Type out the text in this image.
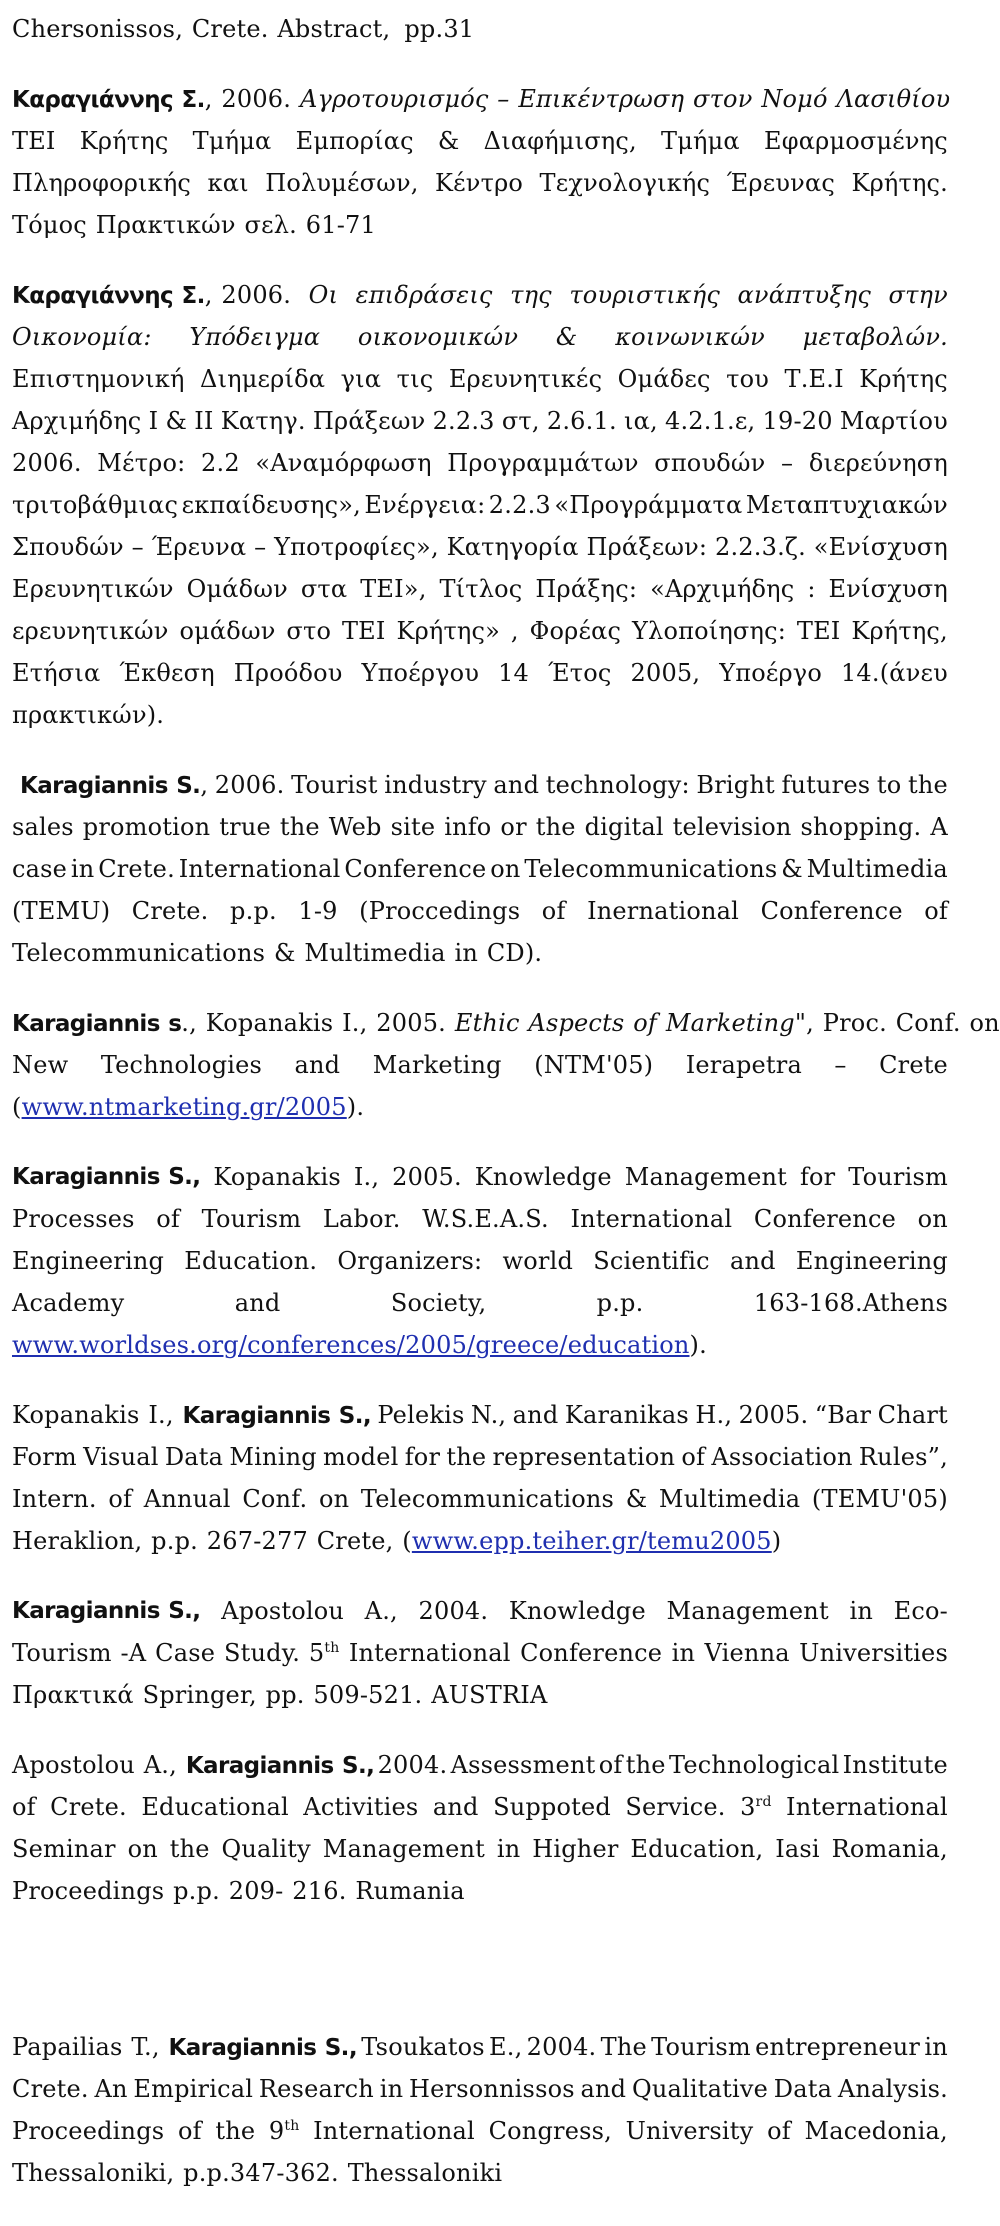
Chersonissos, Crete. Abstract, pp.31
Καραγιάννης Σ., 2006. Αγροτουρισμός – Επικέντρωση στον Νομό Λασιθίου
ΤΕΙ Κρήτης Τμήμα Εμπορίας & Διαφήμισης, Τμήμα Εφαρμοσμένης
Πληροφορικής και Πολυμέσων, Κέντρο Τεχνολογικής Έρευνας Κρήτης.
Τόμος Πρακτικών σελ. 61-71
Καραγιάννης Σ., 2006. Οι επιδράσεις της τουριστικής ανάπτυξης στην
Οικονομία: Υπόδειγμα οικονομικών & κοινωνικών μεταβολών.
Επιστημονική Διημερίδα για τις Ερευνητικές Ομάδες του Τ.Ε.Ι Κρήτης
Αρχιμήδης Ι & ΙΙ Κατηγ. Πράξεων 2.2.3 στ, 2.6.1. ια, 4.2.1.ε, 19-20 Μαρτίου
2006. Μέτρο: 2.2 «Αναμόρφωση Προγραμμάτων σπουδών – διερεύνηση
τριτοβάθμιας εκπαίδευσης», Ενέργεια: 2.2.3 «Προγράμματα Μεταπτυχιακών
Σπουδών – Έρευνα – Υποτροφίες», Κατηγορία Πράξεων: 2.2.3.ζ. «Ενίσχυση
Ερευνητικών Ομάδων στα ΤΕΙ», Τίτλος Πράξης: «Αρχιμήδης : Ενίσχυση
ερευνητικών ομάδων στο ΤΕΙ Κρήτης» , Φορέας Υλοποίησης: ΤΕΙ Κρήτης,
Ετήσια Έκθεση Προόδου Υποέργου 14 Έτος 2005, Υποέργο 14.(άνευ
πρακτικών).
Karagiannis S., 2006. Tourist industry and technology: Bright futures to the
sales promotion true the Web site info or the digital television shopping. A
case in Crete. International Conference on Telecommunications & Multimedia
(TEMU) Crete. p.p. 1-9 (Proccedings of Inernational Conference of
Telecommunications & Multimedia in CD).
Karagiannis s., Kopanakis I., 2005. Ethic Aspects of Marketing", Proc. Conf. on
New Technologies and Marketing (NTM'05) Ierapetra – Crete
(www.ntmarketing.gr/2005).
Karagiannis S., Kopanakis I., 2005. Knowledge Management for Tourism
Processes of Tourism Labor. W.S.E.A.S. International Conference on
Engineering Education. Organizers: world Scientific and Engineering
Academy	and	Society,	p.p.	163-168.Athens
www.worldses.org/conferences/2005/greece/education).
Kopanakis I., Karagiannis S., Pelekis N., and Karanikas H., 2005. “Bar Chart
Form Visual Data Mining model for the representation of Association Rules”,
Intern. of Annual Conf. on Telecommunications & Multimedia (TEMU'05)
Heraklion, p.p. 267-277 Crete, (www.epp.teiher.gr/temu2005)
Karagiannis S., Apostolou A., 2004. Knowledge Management in Eco-
Tourism -A Case Study. 5th International Conference in Vienna Universities
Πρακτικά Springer, pp. 509-521. AUSTRIA
Apostolou A., Karagiannis S., 2004. Assessment of the Technological Institute
of Crete. Educational Activities and Suppoted Service. 3rd International
Seminar on the Quality Management in Higher Education, Iasi Romania,
Proceedings p.p. 209- 216. Rumania
Papailias T., Karagiannis S., Tsoukatos E., 2004. The Tourism entrepreneur in
Crete. An Empirical Research in Hersonnissos and Qualitative Data Analysis.
Proceedings of the 9th International Congress, University of Macedonia,
Thessaloniki, p.p.347-362. Thessaloniki
